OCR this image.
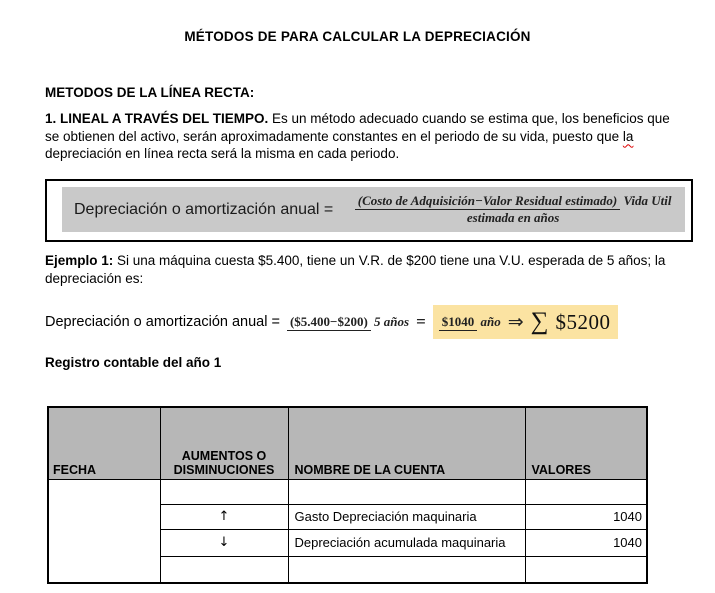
MÉTODOS DE PARA CALCULAR LA DEPRECIACIÓN
METODOS DE LA LÍNEA RECTA:
1. LINEAL A TRAVÉS DEL TIEMPO. Es un método adecuado cuando se estima que, los beneficios que se obtienen del activo, serán aproximadamente constantes en el periodo de su vida, puesto que la depreciación en línea recta será la misma en cada periodo.
Depreciación o amortización anual =	(Costo de Adquisición−Valor Residual estimado) Vida Util estimada en años
Ejemplo 1: Si una máquina cuesta $5.400, tiene un V.R. de $200 tiene una V.U. esperada de 5 años; la depreciación es:
Depreciación o amortización anual = ($5.400−$200) 5 años = $1040 año ⇒ ∑ $5200
Registro contable del año 1
FECHA	AUMENTOS O DISMINUCIONES	NOMBRE DE LA CUENTA	VALORES

	↑	Gasto Depreciación maquinaria	1040
	↓	Depreciación acumulada maquinaria	1040
